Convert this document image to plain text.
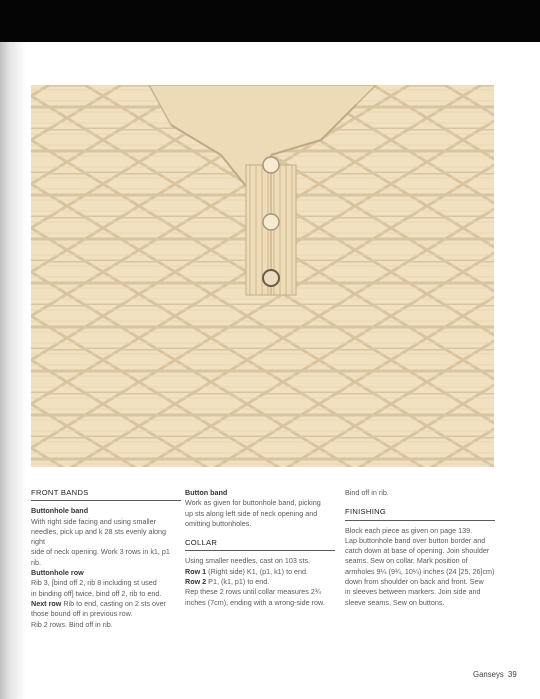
FRONT BANDS

Buttonhole band

With right side facing and using smaller

needles, pick up and k 28 sts evenly along right

side of neck opening. Work 3 rows in k1, p1 rib.

Buttonhole row

Rib 3, [bind off 2, rib 8 including st used

in binding off] twice, bind off 2, rib to end.

Next row Rib to end, casting on 2 sts over

those bound off in previous row.

Rib 2 rows. Bind off in rib.

Button band

Work as given for buttonhole band, picking

up sts along left side of neck opening and

omitting buttonholes.

COLLAR

Using smaller needles, cast on 103 sts.

Row 1 (Right side) K1, (p1, k1) to end.

Row 2 P1, (k1, p1) to end.

Rep these 2 rows until collar measures 2¾

inches (7cm), ending with a wrong-side row.

Bind off in rib.

FINISHING

Block each piece as given on page 139.

Lap buttonhole band over button border and

catch down at base of opening. Join shoulder

seams. Sew on collar. Mark position of

armholes 9¼ (9¾, 10¼) inches (24 [25, 26]cm)

down from shoulder on back and front. Sew

in sleeves between markers. Join side and

sleeve seams. Sew on buttons.

Ganseys 39
